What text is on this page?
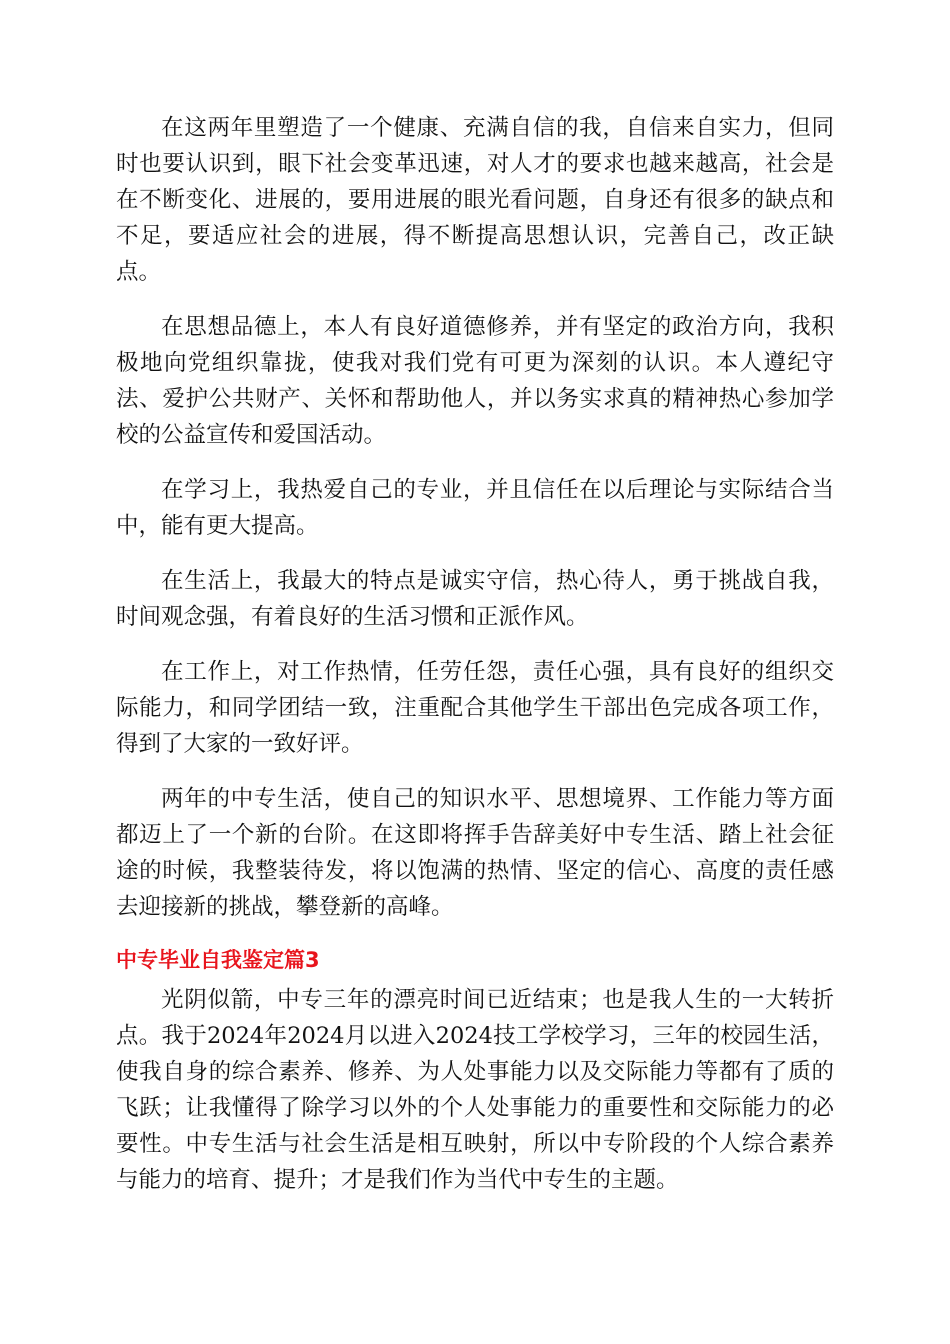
在这两年里塑造了一个健康、充满自信的我，自信来自实力，但同时也要认识到，眼下社会变革迅速，对人才的要求也越来越高，社会是在不断变化、进展的，要用进展的眼光看问题，自身还有很多的缺点和不足，要适应社会的进展，得不断提高思想认识，完善自己，改正缺点。

在思想品德上，本人有良好道德修养，并有坚定的政治方向，我积极地向党组织靠拢，使我对我们党有可更为深刻的认识。本人遵纪守法、爱护公共财产、关怀和帮助他人，并以务实求真的精神热心参加学校的公益宣传和爱国活动。

在学习上，我热爱自己的专业，并且信任在以后理论与实际结合当中，能有更大提高。

在生活上，我最大的特点是诚实守信，热心待人，勇于挑战自我，时间观念强，有着良好的生活习惯和正派作风。

在工作上，对工作热情，任劳任怨，责任心强，具有良好的组织交际能力，和同学团结一致，注重配合其他学生干部出色完成各项工作，得到了大家的一致好评。

两年的中专生活，使自己的知识水平、思想境界、工作能力等方面都迈上了一个新的台阶。在这即将挥手告辞美好中专生活、踏上社会征途的时候，我整装待发，将以饱满的热情、坚定的信心、高度的责任感去迎接新的挑战，攀登新的高峰。

中专毕业自我鉴定篇3

光阴似箭，中专三年的漂亮时间已近结束；也是我人生的一大转折点。我于2024年2024月以进入2024技工学校学习，三年的校园生活，使我自身的综合素养、修养、为人处事能力以及交际能力等都有了质的飞跃；让我懂得了除学习以外的个人处事能力的重要性和交际能力的必要性。中专生活与社会生活是相互映射，所以中专阶段的个人综合素养与能力的培育、提升；才是我们作为当代中专生的主题。
